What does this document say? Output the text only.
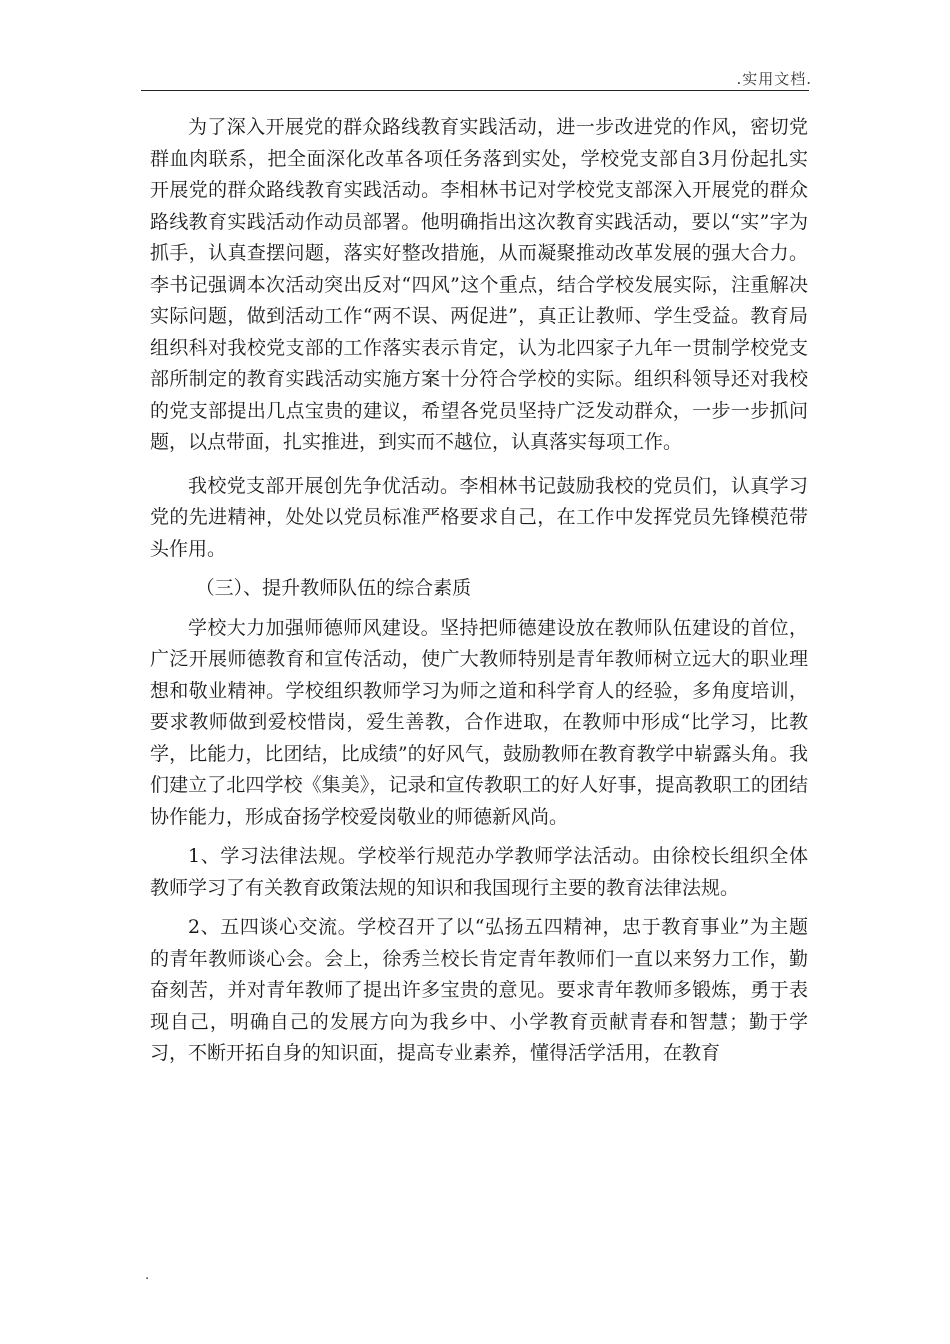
.实用文档.

为了深入开展党的群众路线教育实践活动，进一步改进党的作风，密切党群血肉联系，把全面深化改革各项任务落到实处，学校党支部自3月份起扎实开展党的群众路线教育实践活动。李相林书记对学校党支部深入开展党的群众路线教育实践活动作动员部署。他明确指出这次教育实践活动，要以“实”字为抓手，认真查摆问题，落实好整改措施，从而凝聚推动改革发展的强大合力。李书记强调本次活动突出反对“四风”这个重点，结合学校发展实际，注重解决实际问题，做到活动工作“两不误、两促进”，真正让教师、学生受益。教育局组织科对我校党支部的工作落实表示肯定，认为北四家子九年一贯制学校党支部所制定的教育实践活动实施方案十分符合学校的实际。组织科领导还对我校的党支部提出几点宝贵的建议，希望各党员坚持广泛发动群众，一步一步抓问题，以点带面，扎实推进，到实而不越位，认真落实每项工作。

我校党支部开展创先争优活动。李相林书记鼓励我校的党员们，认真学习党的先进精神，处处以党员标准严格要求自己，在工作中发挥党员先锋模范带头作用。

（三）、提升教师队伍的综合素质

学校大力加强师德师风建设。坚持把师德建设放在教师队伍建设的首位，广泛开展师德教育和宣传活动，使广大教师特别是青年教师树立远大的职业理想和敬业精神。学校组织教师学习为师之道和科学育人的经验，多角度培训，要求教师做到爱校惜岗，爱生善教，合作进取，在教师中形成“比学习，比教学，比能力，比团结，比成绩”的好风气，鼓励教师在教育教学中崭露头角。我们建立了北四学校《集美》，记录和宣传教职工的好人好事，提高教职工的团结协作能力，形成奋扬学校爱岗敬业的师德新风尚。

1、学习法律法规。学校举行规范办学教师学法活动。由徐校长组织全体教师学习了有关教育政策法规的知识和我国现行主要的教育法律法规。

2、五四谈心交流。学校召开了以“弘扬五四精神，忠于教育事业”为主题的青年教师谈心会。会上，徐秀兰校长肯定青年教师们一直以来努力工作，勤奋刻苦，并对青年教师了提出许多宝贵的意见。要求青年教师多锻炼，勇于表现自己，明确自己的发展方向为我乡中、小学教育贡献青春和智慧；勤于学习，不断开拓自身的知识面，提高专业素养，懂得活学活用，在教育

.
